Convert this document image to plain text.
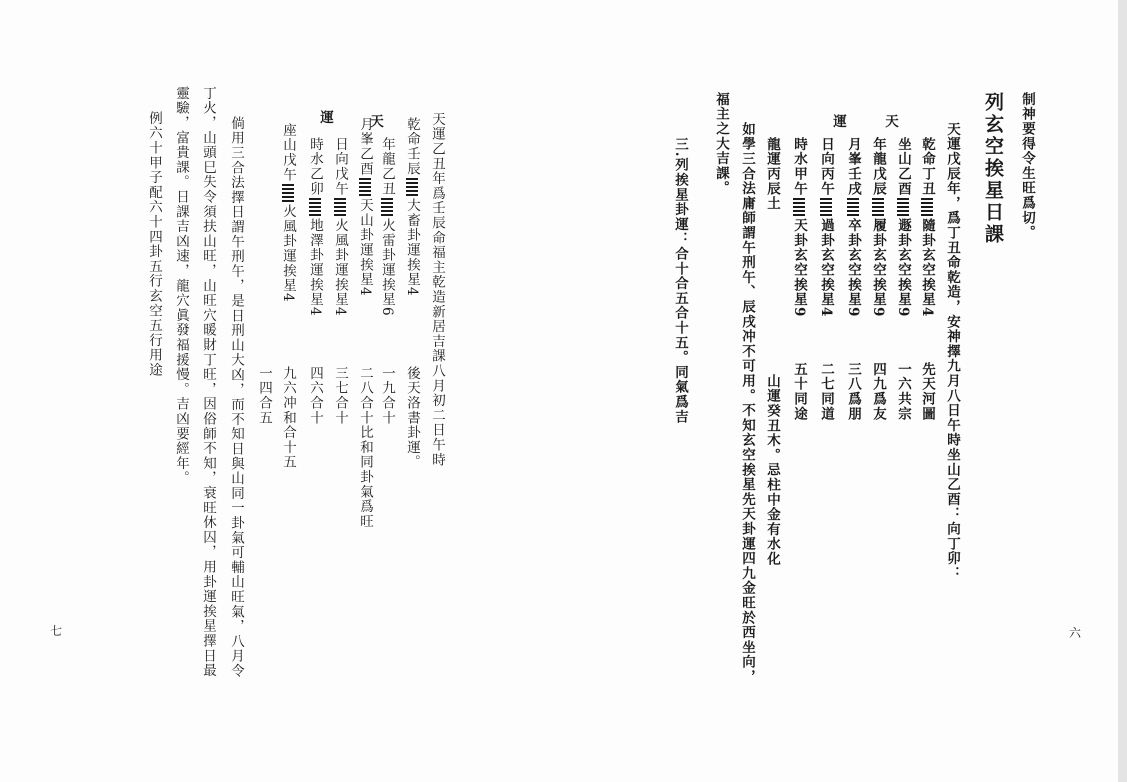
天運乙丑年爲壬辰命福主乾造新居吉課八月初二日午時
乾命壬辰大畜卦運挨星4
年龍乙丑火雷卦運挨星6
天
月峯乙酉天山卦運挨星4
日向戊午火風卦運挨星4
運
時水乙卯地澤卦運挨星4
座山戊午火風卦運挨星4
後天洛書卦運。
一九合十
二八合十比和同卦氣爲旺
三七合十
四六合十
九六冲和合十五
一四合五
倘用三合法擇日謂午刑午，是日刑山大凶，而不知日與山同一卦氣可輔山旺氣，八月令
丁火，山頭巳失令須扶山旺，山旺穴暖財丁旺，因俗師不知，衰旺休囚，用卦運挨星擇日最
靈驗，富貴課。日課吉凶速，龍穴眞發福援慢。吉凶要經年。
例六十甲子配六十四卦五行玄空五行用途
七
制神要得令生旺爲切。
列玄空挨星日課
天運戊辰年，爲丁丑命乾造，安神擇九月八日午時坐山乙酉：向丁卯：
乾命丁丑隨卦玄空挨星4
天
坐山乙酉遯卦玄空挨星9
年龍戊辰履卦玄空挨星9
運
月峯壬戌卒卦玄空挨星9
日向丙午過卦玄空挨星4
時水甲午天卦玄空挨星9
先天河圖
一六共宗
四九爲友
三八爲朋
二七同道
五十同途
龍運丙辰土
山運癸丑木。忌柱中金有水化
如學三合法庸師謂午刑午、辰戌冲不可用。不知玄空挨星先天卦運四九金旺於西坐向，
福主之大吉課。
三.列挨星卦運：合十合五合十五。同氣爲吉
六
